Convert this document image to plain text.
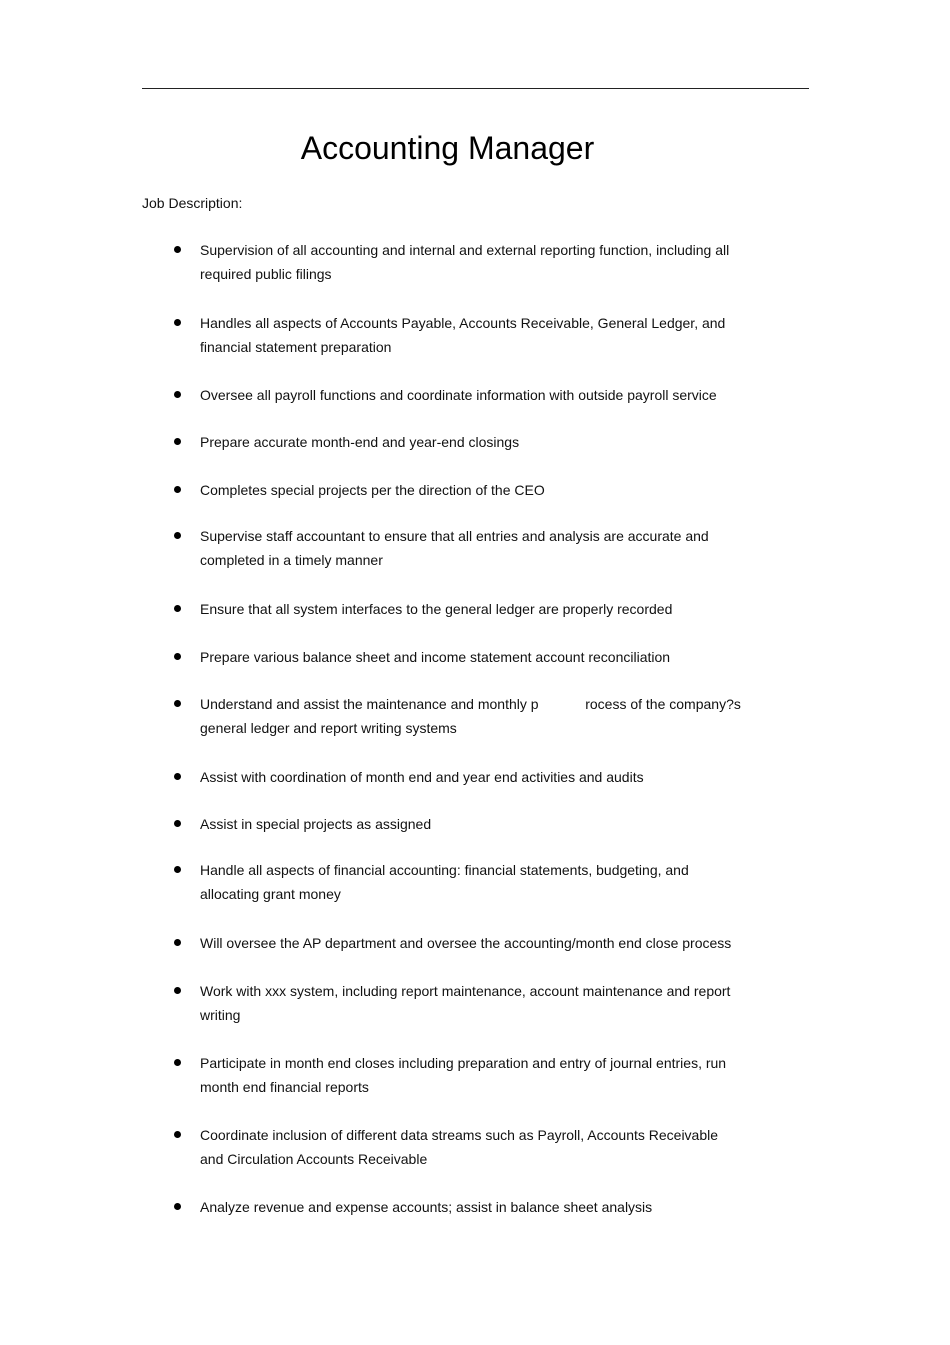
Accounting Manager
Job Description:
Supervision of all accounting and internal and external reporting function, including all
required public filings
Handles all aspects of Accounts Payable, Accounts Receivable, General Ledger, and
financial statement preparation
Oversee all payroll functions and coordinate information with outside payroll service
Prepare accurate month-end and year-end closings
Completes special projects per the direction of the CEO
Supervise staff accountant to ensure that all entries and analysis are accurate and
completed in a timely manner
Ensure that all system interfaces to the general ledger are properly recorded
Prepare various balance sheet and income statement account reconciliation
Understand and assist the maintenance and monthly p            rocess of the company?s
general ledger and report writing systems
Assist with coordination of month end and year end activities and audits
Assist in special projects as assigned
Handle all aspects of financial accounting: financial statements, budgeting, and
allocating grant money
Will oversee the AP department and oversee the accounting/month end close process
Work with xxx system, including report maintenance, account maintenance and report
writing
Participate in month end closes including preparation and entry of journal entries, run
month end financial reports
Coordinate inclusion of different data streams such as Payroll, Accounts Receivable
and Circulation Accounts Receivable
Analyze revenue and expense accounts; assist in balance sheet analysis
